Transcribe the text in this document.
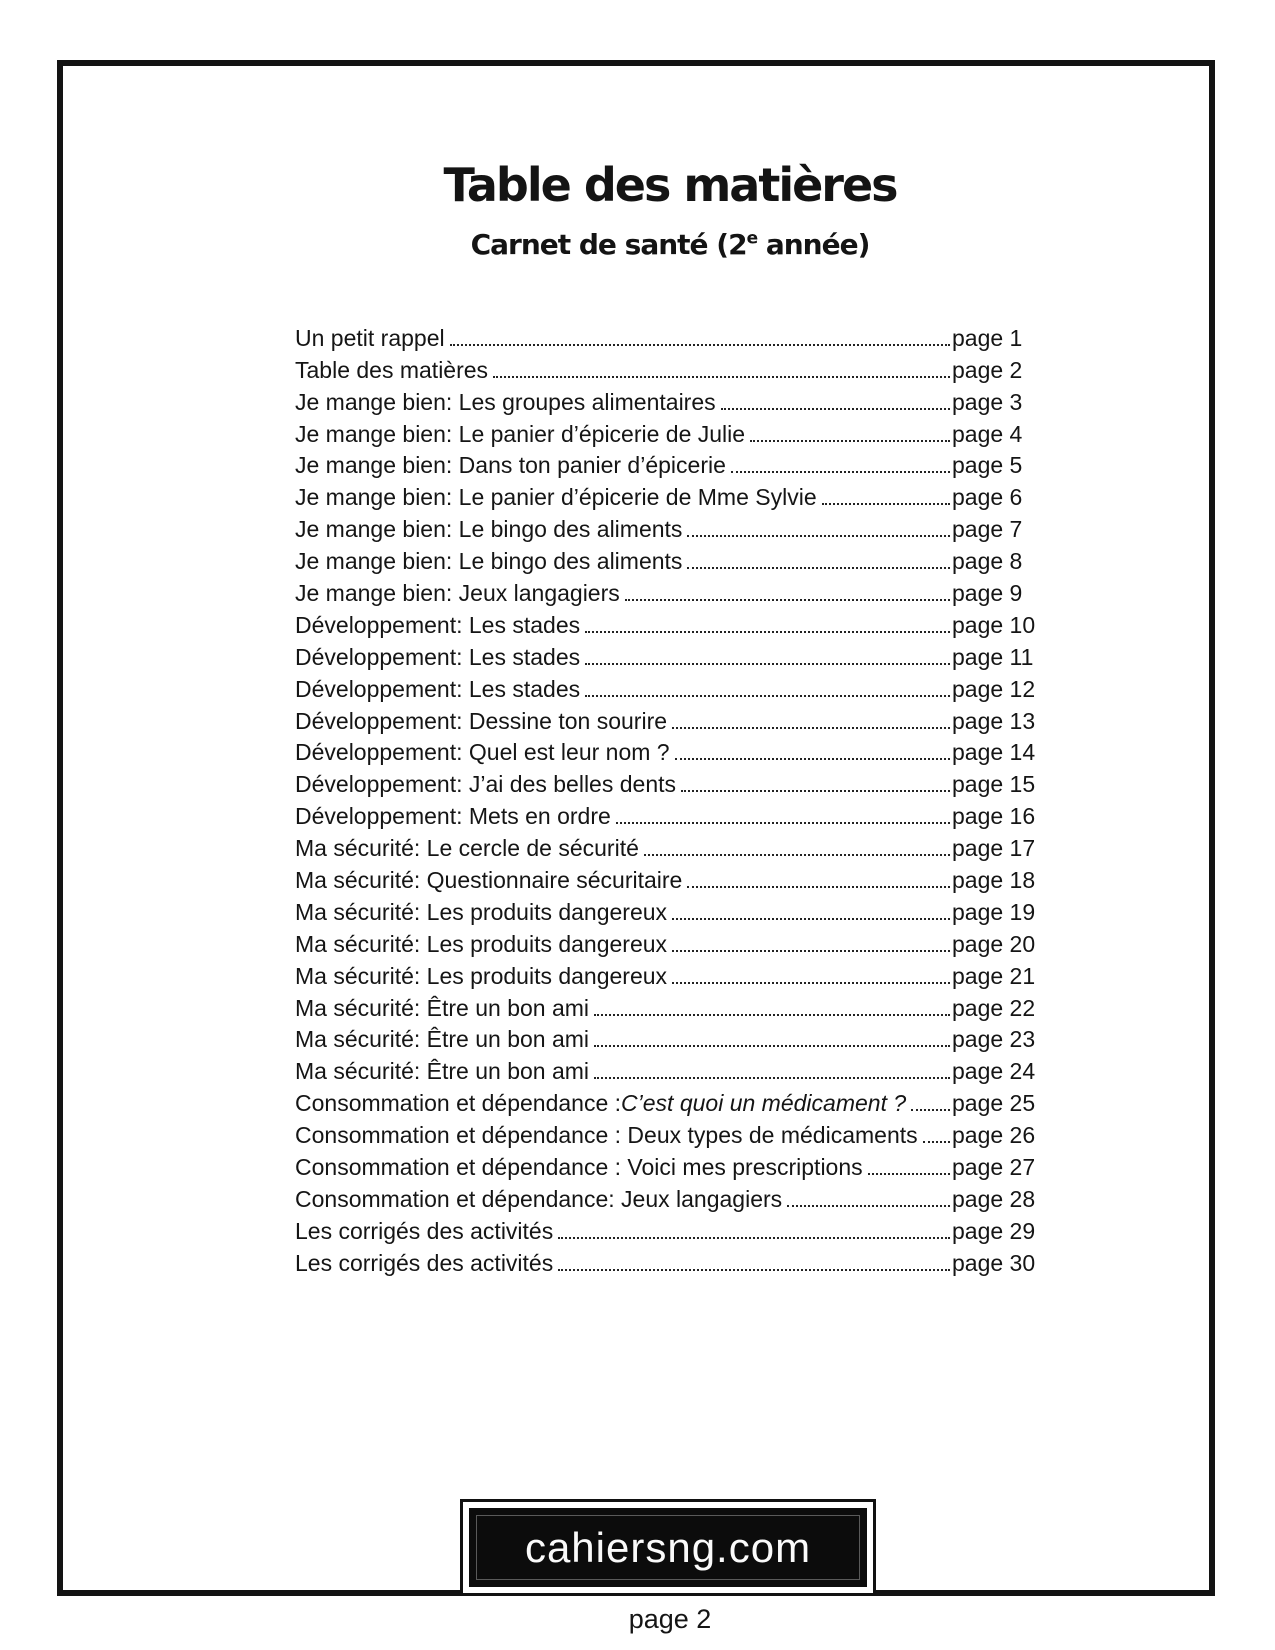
Table des matières
Carnet de santé (2e année)
Un petit rappel	page 1
Table des matières	page 2
Je mange bien: Les groupes alimentaires	page 3
Je mange bien: Le panier d’épicerie de Julie	page 4
Je mange bien: Dans ton panier d’épicerie	page 5
Je mange bien: Le panier d’épicerie de Mme Sylvie	page 6
Je mange bien: Le bingo des aliments	page 7
Je mange bien: Le bingo des aliments	page 8
Je mange bien: Jeux langagiers	page 9
Développement: Les stades	page 10
Développement: Les stades	page 11
Développement: Les stades	page 12
Développement: Dessine ton sourire	page 13
Développement: Quel est leur nom ?	page 14
Développement: J’ai des belles dents	page 15
Développement: Mets en ordre	page 16
Ma sécurité: Le cercle de sécurité	page 17
Ma sécurité: Questionnaire sécuritaire	page 18
Ma sécurité: Les produits dangereux	page 19
Ma sécurité: Les produits dangereux	page 20
Ma sécurité: Les produits dangereux	page 21
Ma sécurité: Être un bon ami	page 22
Ma sécurité: Être un bon ami	page 23
Ma sécurité: Être un bon ami	page 24
Consommation et dépendance : C’est quoi un médicament ? page 25
Consommation et dépendance : Deux types de médicaments page 26
Consommation et dépendance : Voici mes prescriptions	page 27
Consommation et dépendance: Jeux langagiers	page 28
Les corrigés des activités	page 29
Les corrigés des activités	page 30
cahiersng.com
page 2
